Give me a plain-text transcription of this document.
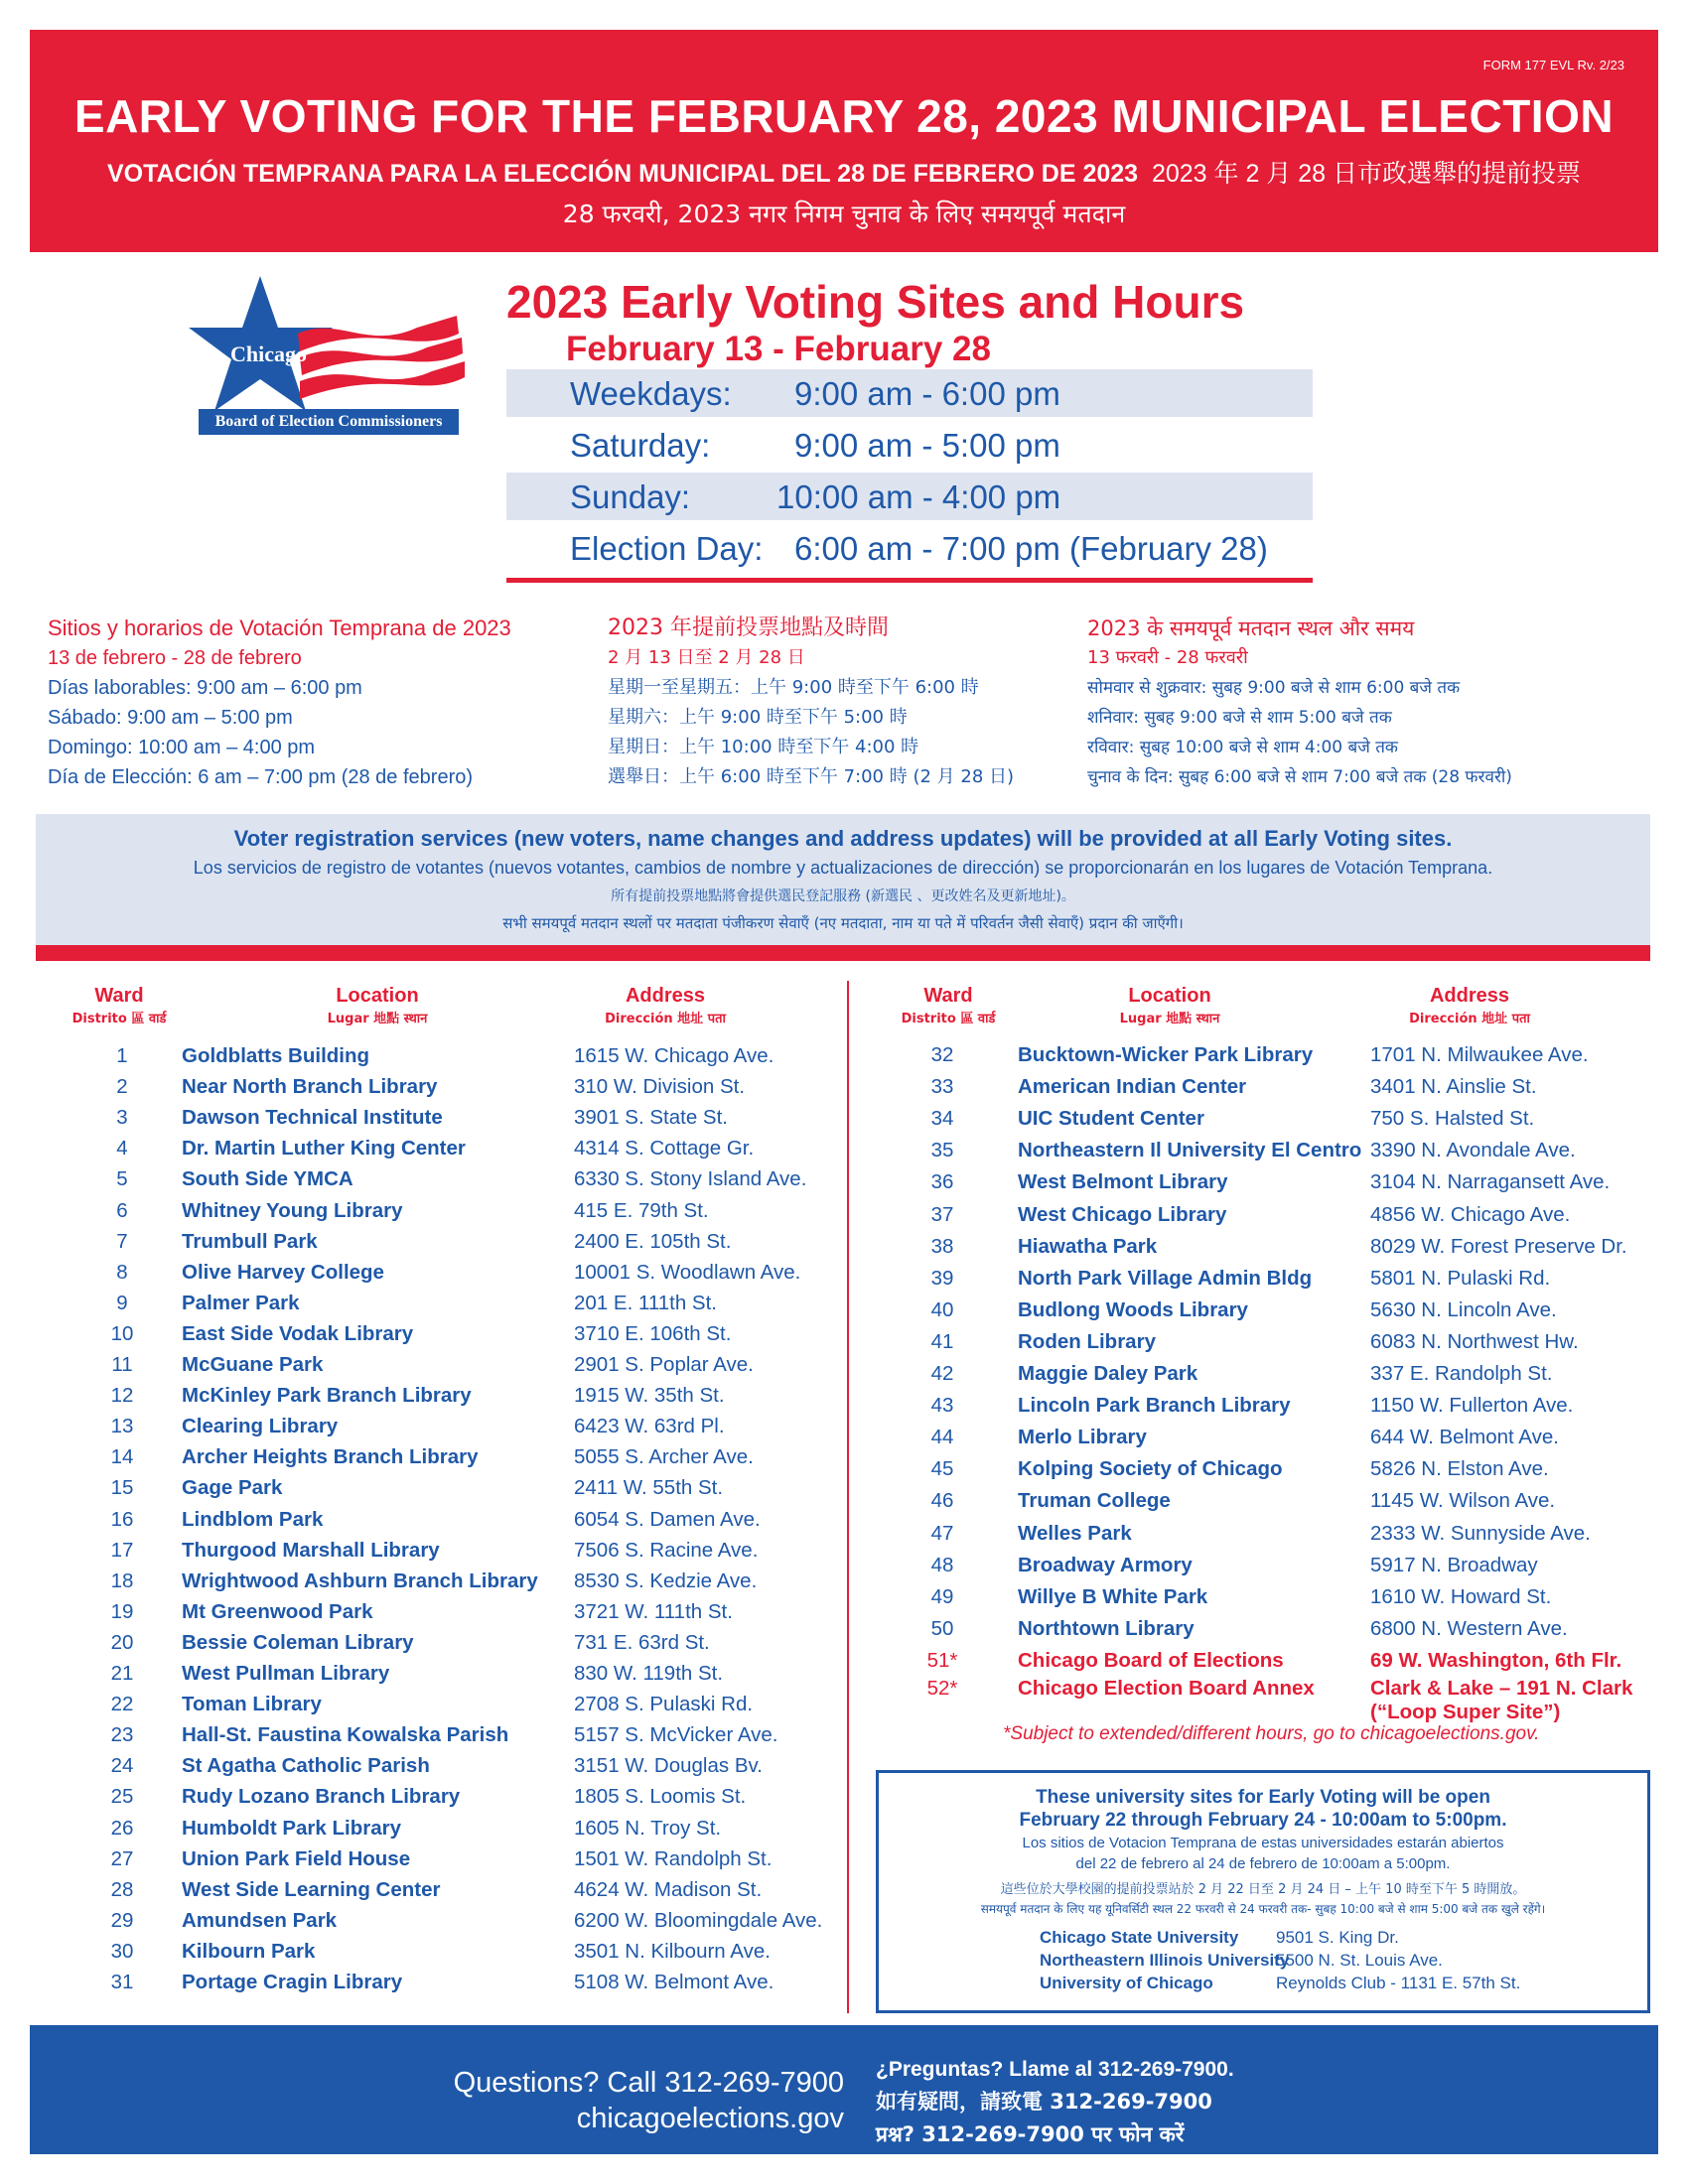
FORM 177 EVL Rv. 2/23
EARLY VOTING FOR THE FEBRUARY 28, 2023 MUNICIPAL ELECTION
VOTACIÓN TEMPRANA PARA LA ELECCIÓN MUNICIPAL DEL 28 DE FEBRERO DE 2023 2023 年 2 月 28 日市政選舉的提前投票
28 फरवरी, 2023 नगर निगम चुनाव के लिए समयपूर्व मतदान
Chicago
Board of Election Commissioners
2023 Early Voting Sites and Hours
February 13 - February 28
Weekdays: 9:00 am - 6:00 pm
Saturday:	9:00 am - 5:00 pm
Sunday:	10:00 am - 4:00 pm
Election Day: 6:00 am - 7:00 pm (February 28)
Sitios y horarios de Votación Temprana de 2023
13 de febrero - 28 de febrero
Días laborables: 9:00 am – 6:00 pm
Sábado: 9:00 am – 5:00 pm
Domingo: 10:00 am – 4:00 pm
Día de Elección: 6 am – 7:00 pm (28 de febrero)
2023 年提前投票地點及時間
2 月 13 日至 2 月 28 日
星期一至星期五：上午 9:00 時至下午 6:00 時
星期六：上午 9:00 時至下午 5:00 時
星期日：上午 10:00 時至下午 4:00 時
選舉日：上午 6:00 時至下午 7:00 時 (2 月 28 日)
2023 के समयपूर्व मतदान स्थल और समय
13 फरवरी - 28 फरवरी
सोमवार से शुक्रवार: सुबह 9:00 बजे से शाम 6:00 बजे तक
शनिवार: सुबह 9:00 बजे से शाम 5:00 बजे तक
रविवार: सुबह 10:00 बजे से शाम 4:00 बजे तक
चुनाव के दिन: सुबह 6:00 बजे से शाम 7:00 बजे तक (28 फरवरी)
Voter registration services (new voters, name changes and address updates) will be provided at all Early Voting sites.
Los servicios de registro de votantes (nuevos votantes, cambios de nombre y actualizaciones de dirección) se proporcionarán en los lugares de Votación Temprana.
所有提前投票地點將會提供選民登記服務 (新選民 、更改姓名及更新地址)。
सभी समयपूर्व मतदान स्थलों पर मतदाता पंजीकरण सेवाएँ (नए मतदाता, नाम या पते में परिवर्तन जैसी सेवाएँ) प्रदान की जाएँगी।
Ward
Distrito 區 वार्ड
Location
Lugar 地點 स्थान
Address
Dirección 地址 पता
Ward
Distrito 區 वार्ड
Location
Lugar 地點 स्थान
Address
Dirección 地址 पता
1	Goldblatts Building	1615 W. Chicago Ave.
2	Near North Branch Library	310 W. Division St.
3	Dawson Technical Institute	3901 S. State St.
4	Dr. Martin Luther King Center	4314 S. Cottage Gr.
5	South Side YMCA	6330 S. Stony Island Ave.
6	Whitney Young Library	415 E. 79th St.
7	Trumbull Park	2400 E. 105th St.
8	Olive Harvey College	10001 S. Woodlawn Ave.
9	Palmer Park	201 E. 111th St.
10	East Side Vodak Library	3710 E. 106th St.
11	McGuane Park	2901 S. Poplar Ave.
12	McKinley Park Branch Library	1915 W. 35th St.
13	Clearing Library	6423 W. 63rd Pl.
14	Archer Heights Branch Library	5055 S. Archer Ave.
15	Gage Park	2411 W. 55th St.
16	Lindblom Park	6054 S. Damen Ave.
17	Thurgood Marshall Library	7506 S. Racine Ave.
18	Wrightwood Ashburn Branch Library 8530 S. Kedzie Ave.
19	Mt Greenwood Park	3721 W. 111th St.
20	Bessie Coleman Library	731 E. 63rd St.
21	West Pullman Library	830 W. 119th St.
22	Toman Library	2708 S. Pulaski Rd.
23	Hall-St. Faustina Kowalska Parish	5157 S. McVicker Ave.
24	St Agatha Catholic Parish	3151 W. Douglas Bv.
25	Rudy Lozano Branch Library	1805 S. Loomis St.
26	Humboldt Park Library	1605 N. Troy St.
27	Union Park Field House	1501 W. Randolph St.
28	West Side Learning Center	4624 W. Madison St.
29	Amundsen Park	6200 W. Bloomingdale Ave.
30	Kilbourn Park	3501 N. Kilbourn Ave.
31	Portage Cragin Library	5108 W. Belmont Ave.
32	Bucktown-Wicker Park Library	1701 N. Milwaukee Ave.
33	American Indian Center	3401 N. Ainslie St.
34	UIC Student Center	750 S. Halsted St.
35	Northeastern Il University El Centro 3390 N. Avondale Ave.
36	West Belmont Library	3104 N. Narragansett Ave.
37	West Chicago Library	4856 W. Chicago Ave.
38	Hiawatha Park	8029 W. Forest Preserve Dr.
39	North Park Village Admin Bldg	5801 N. Pulaski Rd.
40	Budlong Woods Library	5630 N. Lincoln Ave.
41	Roden Library	6083 N. Northwest Hw.
42	Maggie Daley Park	337 E. Randolph St.
43	Lincoln Park Branch Library	1150 W. Fullerton Ave.
44	Merlo Library	644 W. Belmont Ave.
45	Kolping Society of Chicago	5826 N. Elston Ave.
46	Truman College	1145 W. Wilson Ave.
47	Welles Park	2333 W. Sunnyside Ave.
48	Broadway Armory	5917 N. Broadway
49	Willye B White Park	1610 W. Howard St.
50	Northtown Library	6800 N. Western Ave.
51*	Chicago Board of Elections	69 W. Washington, 6th Flr.
52*	Chicago Election Board Annex	Clark & Lake – 191 N. Clark
(“Loop Super Site”)
*Subject to extended/different hours, go to chicagoelections.gov.
These university sites for Early Voting will be open
February 22 through February 24 - 10:00am to 5:00pm.
Los sitios de Votacion Temprana de estas universidades estarán abiertos
del 22 de febrero al 24 de febrero de 10:00am a 5:00pm.
這些位於大學校園的提前投票站於 2 月 22 日至 2 月 24 日 – 上午 10 時至下午 5 時開放。
समयपूर्व मतदान के लिए यह यूनिवर्सिटी स्थल 22 फरवरी से 24 फरवरी तक- सुबह 10:00 बजे से शाम 5:00 बजे तक खुले रहेंगे।
Chicago State University 9501 S. King Dr.
Northeastern Illinois University
5500 N. St. Louis Ave.
University of Chicago	Reynolds Club - 1131 E. 57th St.
Questions? Call 312-269-7900
chicagoelections.gov
¿Preguntas? Llame al 312-269-7900.
如有疑問，請致電 312-269-7900
प्रश्न? 312-269-7900 पर फोन करें
